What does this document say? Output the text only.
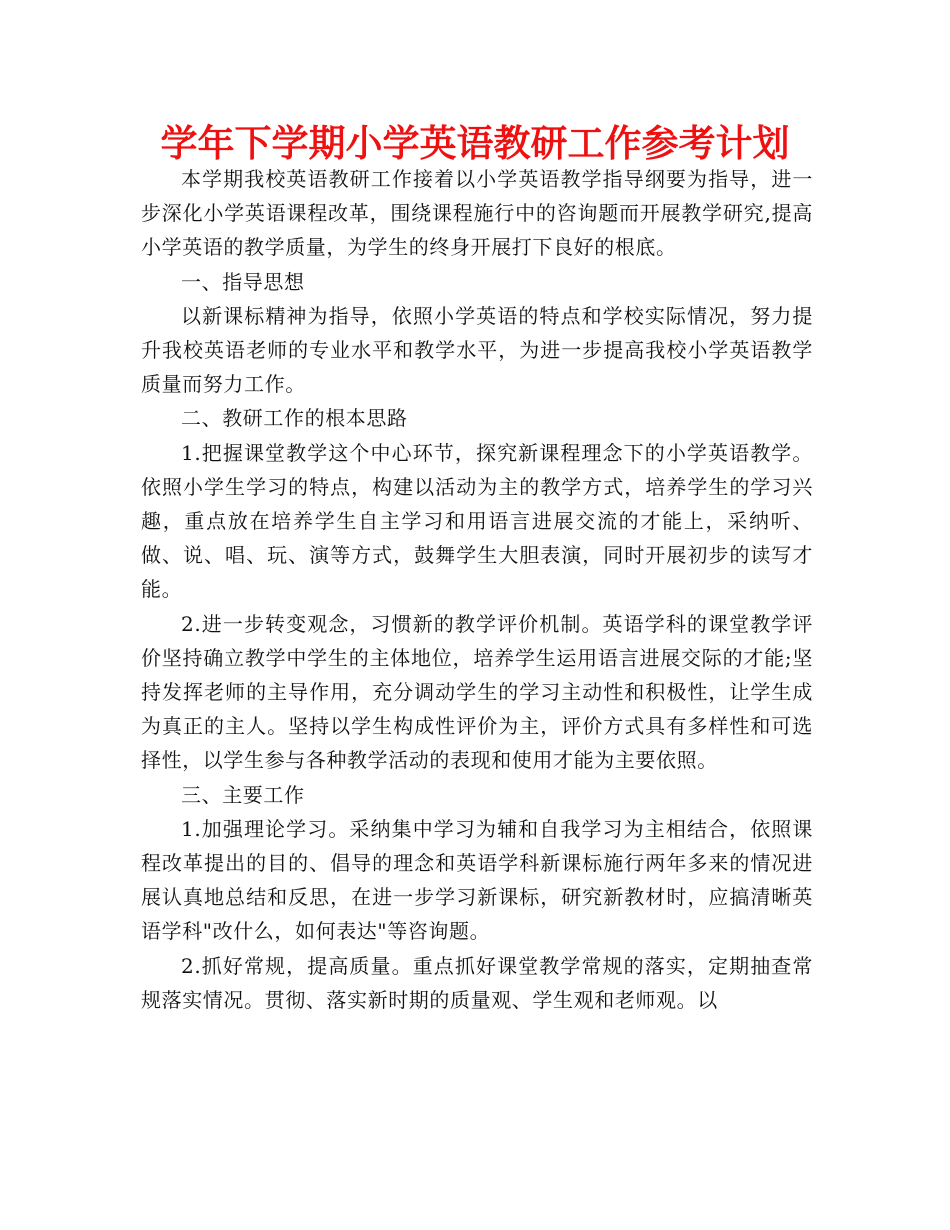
学年下学期小学英语教研工作参考计划

本学期我校英语教研工作接着以小学英语教学指导纲要为指导，进一步深化小学英语课程改革，围绕课程施行中的咨询题而开展教学研究,提高小学英语的教学质量，为学生的终身开展打下良好的根底。

一、指导思想

以新课标精神为指导，依照小学英语的特点和学校实际情况，努力提升我校英语老师的专业水平和教学水平，为进一步提高我校小学英语教学质量而努力工作。

二、教研工作的根本思路

1.把握课堂教学这个中心环节，探究新课程理念下的小学英语教学。依照小学生学习的特点，构建以活动为主的教学方式，培养学生的学习兴趣，重点放在培养学生自主学习和用语言进展交流的才能上，采纳听、做、说、唱、玩、演等方式，鼓舞学生大胆表演，同时开展初步的读写才能。

2.进一步转变观念，习惯新的教学评价机制。英语学科的课堂教学评价坚持确立教学中学生的主体地位，培养学生运用语言进展交际的才能;坚持发挥老师的主导作用，充分调动学生的学习主动性和积极性，让学生成为真正的主人。坚持以学生构成性评价为主，评价方式具有多样性和可选择性，以学生参与各种教学活动的表现和使用才能为主要依照。

三、主要工作

1.加强理论学习。采纳集中学习为辅和自我学习为主相结合，依照课程改革提出的目的、倡导的理念和英语学科新课标施行两年多来的情况进展认真地总结和反思，在进一步学习新课标，研究新教材时，应搞清晰英语学科"改什么，如何表达"等咨询题。

2.抓好常规，提高质量。重点抓好课堂教学常规的落实，定期抽查常规落实情况。贯彻、落实新时期的质量观、学生观和老师观。以
